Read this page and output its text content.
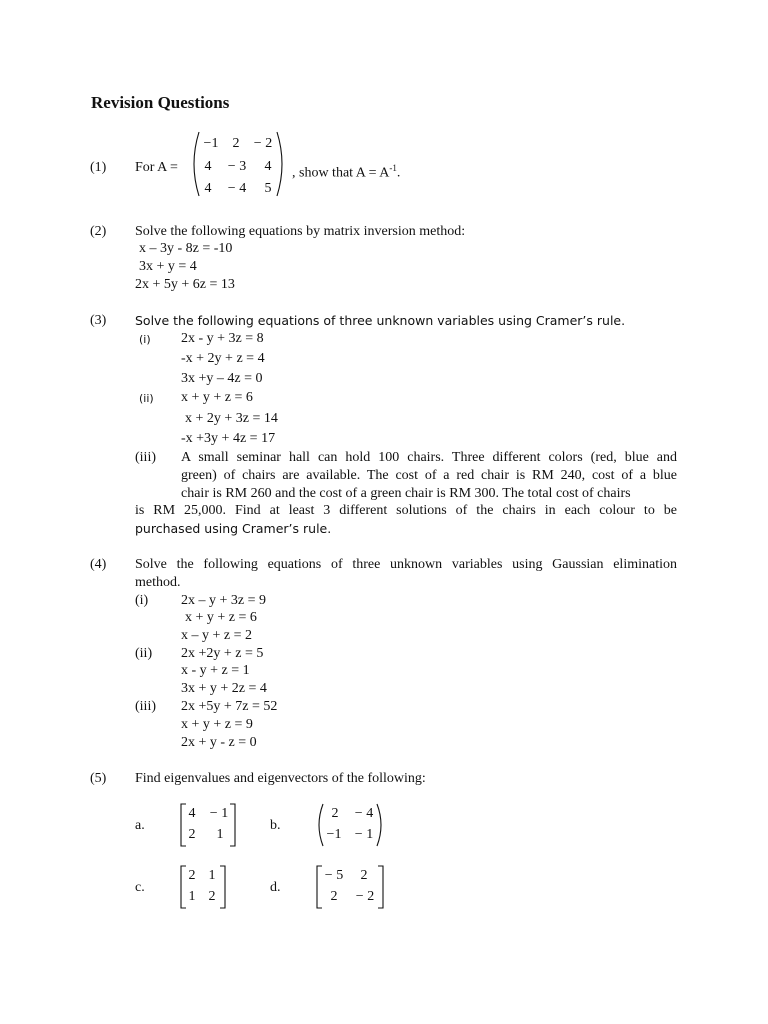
Revision Questions
(1) For A =
−1	2	− 2
4	− 3	4
4	− 4	5
, show that $A = A^{-1}$.
(2) Solve the following equations by matrix inversion method:
x – 3y - 8z = -10
3x + y = 4
2x + 5y + 6z = 13
(3) Solve the following equations of three unknown variables using Cramer’s rule.
(i) 2x - y + 3z = 8
-x + 2y + z = 4
3x +y – 4z = 0
(ii) x + y + z = 6
x + 2y + 3z = 14
-x +3y + 4z = 17
(iii) A small seminar hall can hold 100 chairs. Three different colors (red, blue and
green) of chairs are available. The cost of a red chair is RM 240, cost of a blue
chair is RM 260 and the cost of a green chair is RM 300. The total cost of chairs
is RM 25,000. Find at least 3 different solutions of the chairs in each colour to be
purchased using Cramer’s rule.
(4) Solve the following equations of three unknown variables using Gaussian elimination
method.
(i) 2x – y + 3z = 9
x + y + z = 6
x – y + z = 2
(ii) 2x +2y + z = 5
x - y + z = 1
3x + y + 2z = 4
(iii) 2x +5y + 7z = 52
x + y + z = 9
2x + y - z = 0
(5) Find eigenvalues and eigenvectors of the following:
a.
4	− 1
2	1
b.
2	− 4
−1 − 1
c.
2 1
1 2
d.
− 5	2
2	− 2
